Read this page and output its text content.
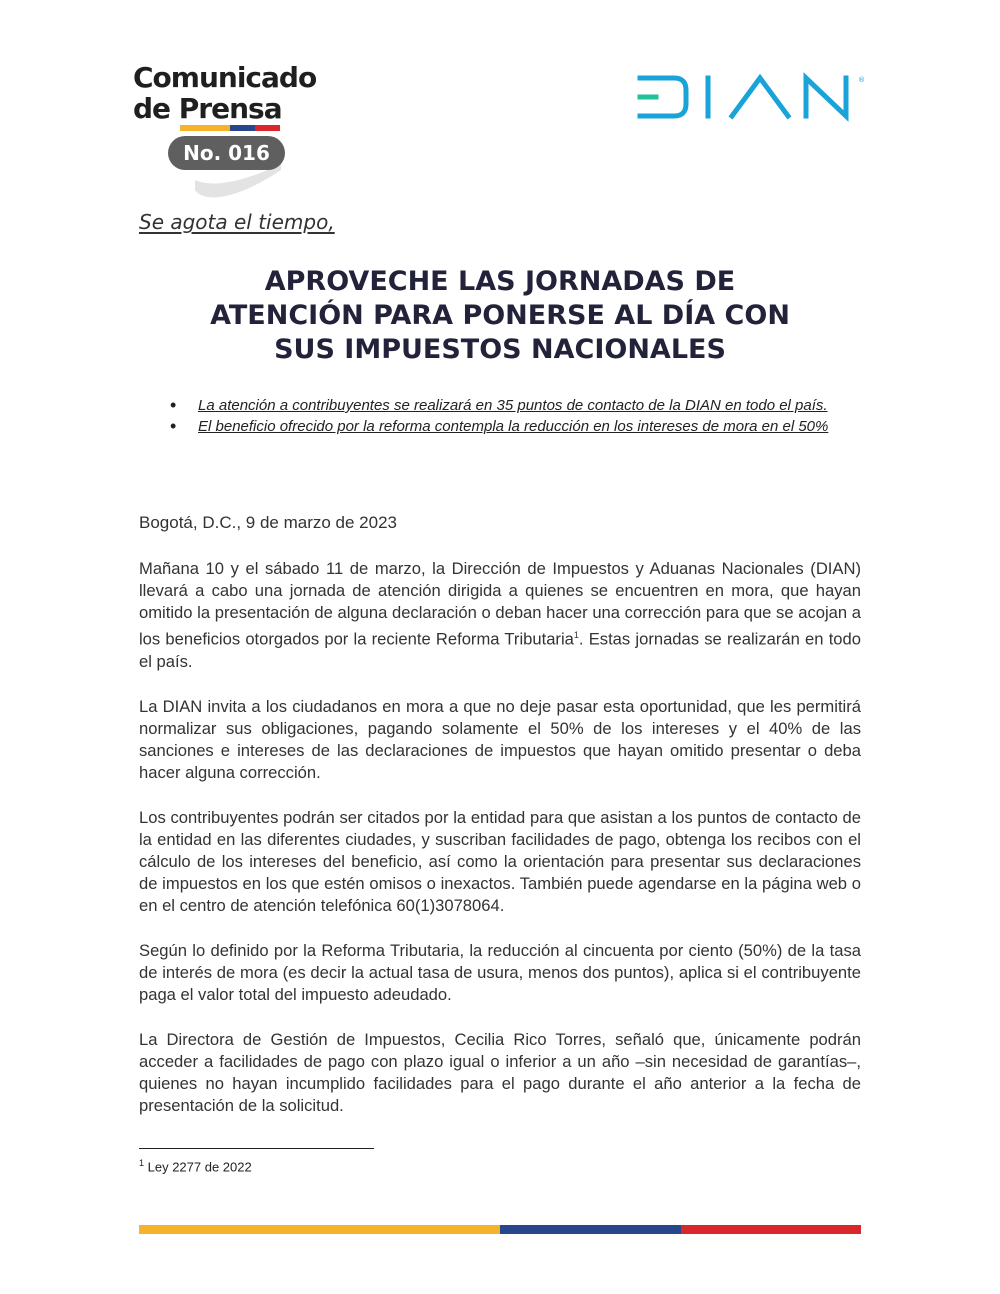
Comunicado
de Prensa
No. 016
®
Se agota el tiempo,
APROVECHE LAS JORNADAS DE
ATENCIÓN PARA PONERSE AL DÍA CON
SUS IMPUESTOS NACIONALES
• La atención a contribuyentes se realizará en 35 puntos de contacto de la DIAN en todo el país.
• El beneficio ofrecido por la reforma contempla la reducción en los intereses de mora en el 50%
Bogotá, D.C., 9 de marzo de 2023

Mañana 10 y el sábado 11 de marzo, la Dirección de Impuestos y Aduanas Nacionales (DIAN) llevará a cabo una jornada de atención dirigida a quienes se encuentren en mora, que hayan omitido la presentación de alguna declaración o deban hacer una corrección para que se acojan a los beneficios otorgados por la reciente Reforma Tributaria$^1$. Estas jornadas se realizarán en todo el país.

La DIAN invita a los ciudadanos en mora a que no deje pasar esta oportunidad, que les permitirá normalizar sus obligaciones, pagando solamente el 50% de los intereses y el 40% de las sanciones e intereses de las declaraciones de impuestos que hayan omitido presentar o deba hacer alguna corrección.

Los contribuyentes podrán ser citados por la entidad para que asistan a los puntos de contacto de la entidad en las diferentes ciudades, y suscriban facilidades de pago, obtenga los recibos con el cálculo de los intereses del beneficio, así como la orientación para presentar sus declaraciones de impuestos en los que estén omisos o inexactos. También puede agendarse en la página web o en el centro de atención telefónica 60(1)3078064.

Según lo definido por la Reforma Tributaria, la reducción al cincuenta por ciento (50%) de la tasa de interés de mora (es decir la actual tasa de usura, menos dos puntos), aplica si el contribuyente paga el valor total del impuesto adeudado.

La Directora de Gestión de Impuestos, Cecilia Rico Torres, señaló que, únicamente podrán acceder a facilidades de pago con plazo igual o inferior a un año –sin necesidad de garantías–, quienes no hayan incumplido facilidades para el pago durante el año anterior a la fecha de presentación de la solicitud.

$^1$ Ley 2277 de 2022
